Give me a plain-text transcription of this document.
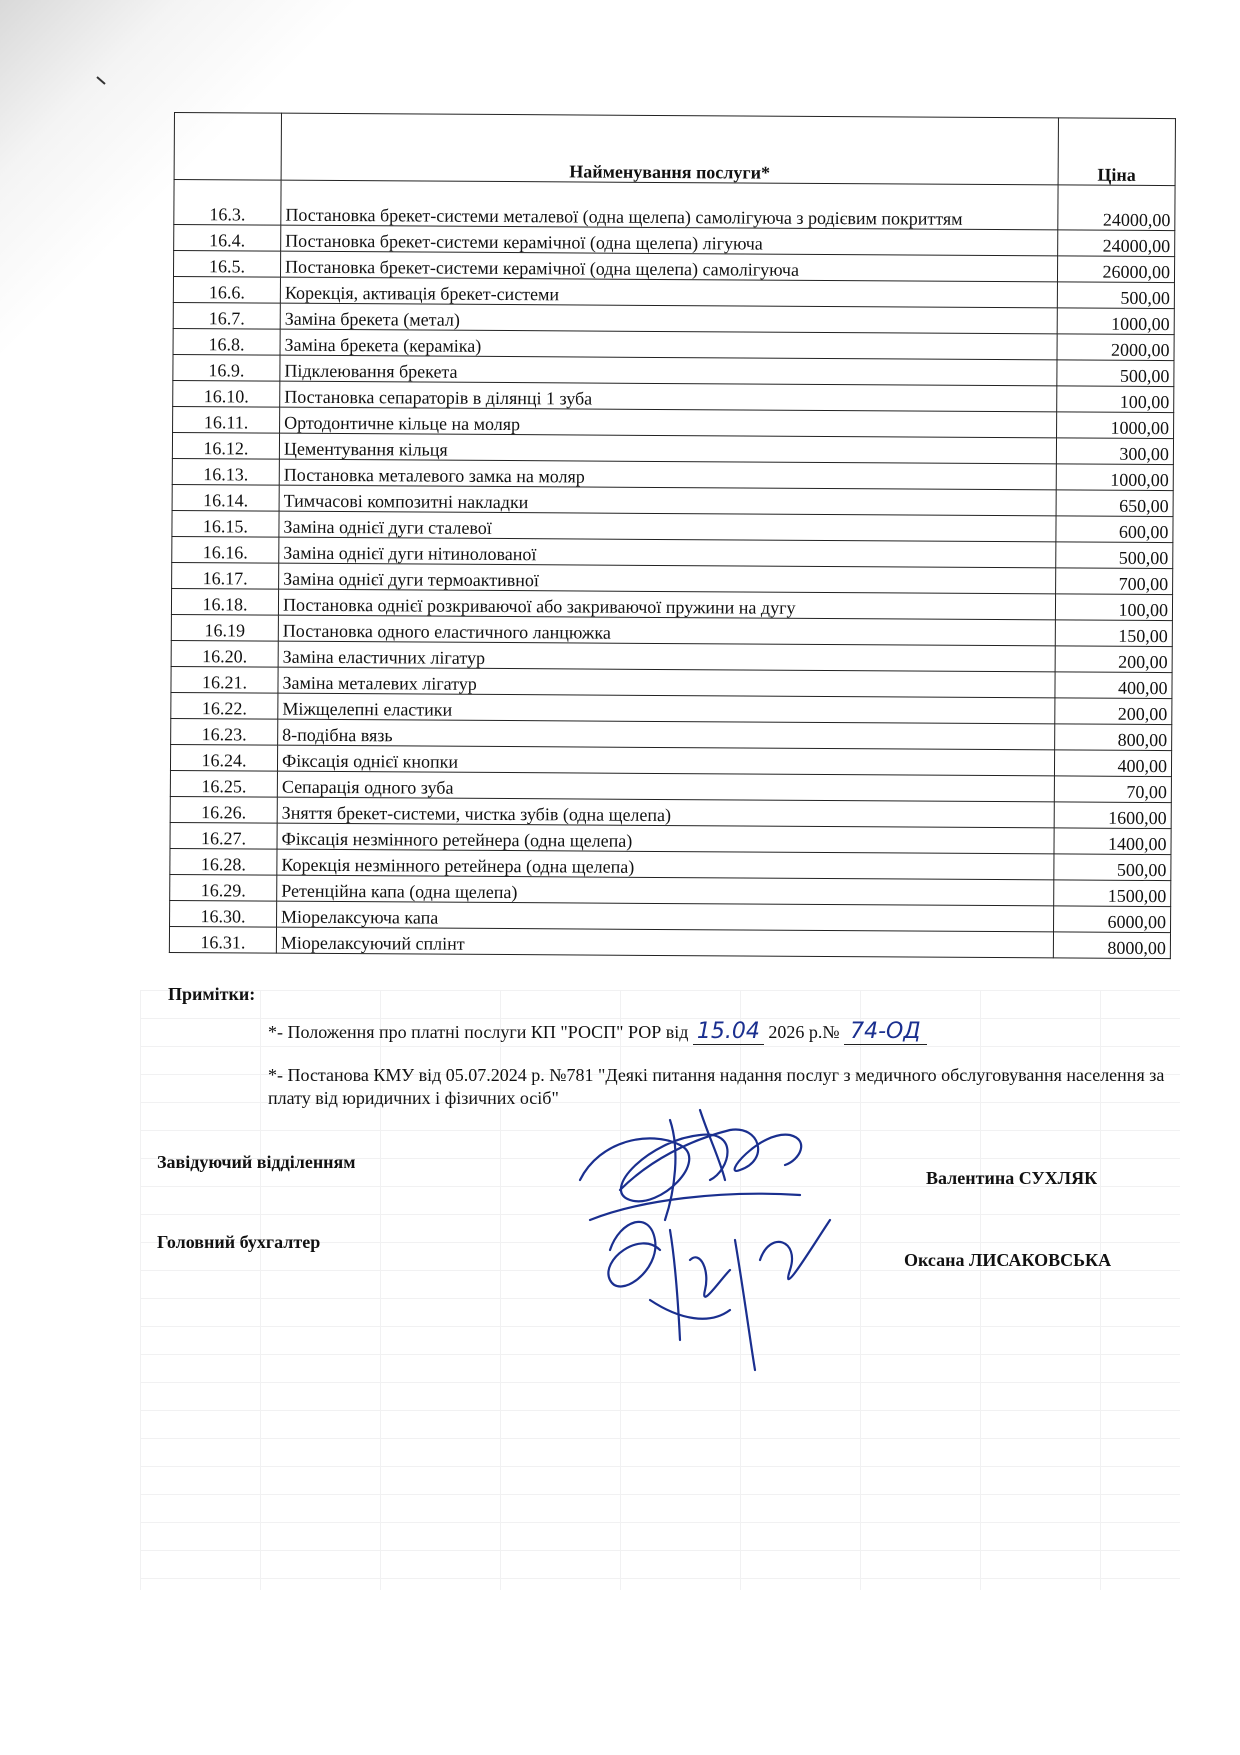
	Найменування послуги*	Ціна
16.3.	Постановка брекет-системи металевої (одна щелепа) самолігуюча з родієвим покриттям	24000,00
16.4.	Постановка брекет-системи керамічної (одна щелепа) лігуюча	24000,00
16.5.	Постановка брекет-системи керамічної (одна щелепа) самолігуюча	26000,00
16.6.	Корекція, активація брекет-системи	500,00
16.7.	Заміна брекета (метал)	1000,00
16.8.	Заміна брекета (кераміка)	2000,00
16.9.	Підклеювання брекета	500,00
16.10.	Постановка сепараторів в ділянці 1 зуба	100,00
16.11.	Ортодонтичне кільце на моляр	1000,00
16.12.	Цементування кільця	300,00
16.13.	Постановка металевого замка на моляр	1000,00
16.14.	Тимчасові композитні накладки	650,00
16.15.	Заміна однієї дуги сталевої	600,00
16.16.	Заміна однієї дуги нітинолованої	500,00
16.17.	Заміна однієї дуги термоактивної	700,00
16.18.	Постановка однієї розкриваючої або закриваючої пружини на дугу	100,00
16.19	Постановка одного еластичного ланцюжка	150,00
16.20.	Заміна еластичних лігатур	200,00
16.21.	Заміна металевих лігатур	400,00
16.22.	Міжщелепні еластики	200,00
16.23.	8-подібна вязь	800,00
16.24.	Фіксація однієї кнопки	400,00
16.25.	Сепарація одного зуба	70,00
16.26.	Зняття брекет-системи, чистка зубів (одна щелепа)	1600,00
16.27.	Фіксація незмінного ретейнера (одна щелепа)	1400,00
16.28.	Корекція незмінного ретейнера (одна щелепа)	500,00
16.29.	Ретенційна капа (одна щелепа)	1500,00
16.30.	Міорелаксуюча капа	6000,00
16.31.	Міорелаксуючий сплінт	8000,00
Примітки:
*- Положення про платні послуги КП "РОСП" РОР від 15.04 2026 р.№ 74-ОД
*- Постанова КМУ від 05.07.2024 р. №781 "Деякі питання надання послуг з медичного обслуговування населення за плату від юридичних і фізичних осіб"
Завідуючий відділенням
Валентина СУХЛЯК
Головний бухгалтер
Оксана ЛИСАКОВСЬКА
